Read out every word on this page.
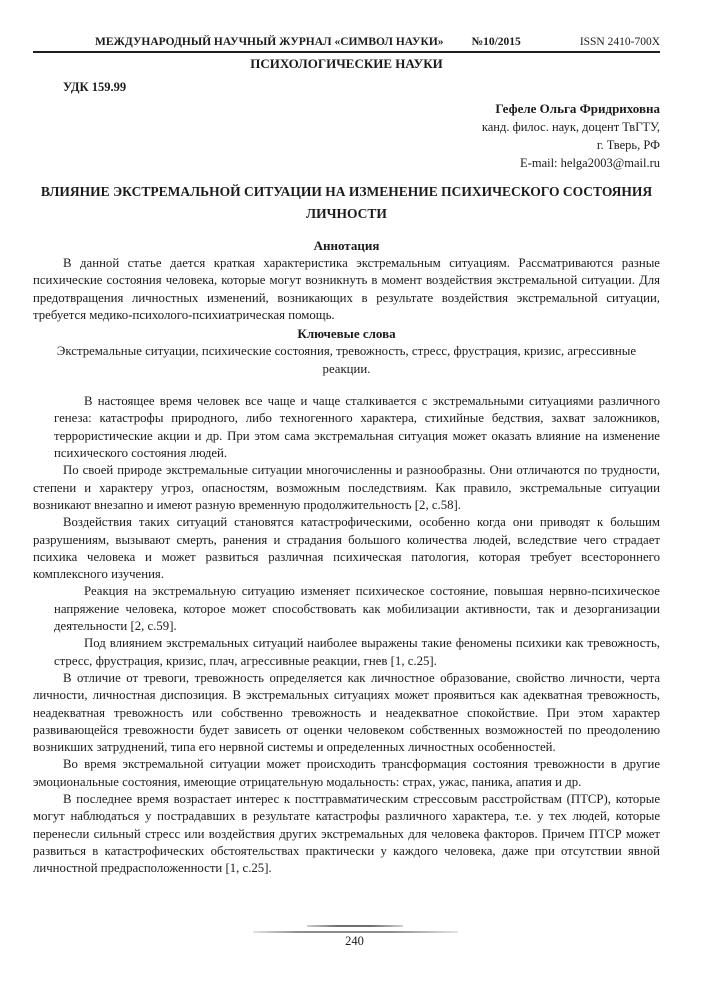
МЕЖДУНАРОДНЫЙ НАУЧНЫЙ ЖУРНАЛ «СИМВОЛ НАУКИ» №10/2015	ISSN 2410-700X
ПСИХОЛОГИЧЕСКИЕ НАУКИ
УДК 159.99
Гефеле Ольга Фридриховна
канд. филос. наук, доцент ТвГТУ,
г. Тверь, РФ
E-mail: helga2003@mail.ru
ВЛИЯНИЕ ЭКСТРЕМАЛЬНОЙ СИТУАЦИИ НА ИЗМЕНЕНИЕ ПСИХИЧЕСКОГО СОСТОЯНИЯ
ЛИЧНОСТИ
Аннотация

В данной статье дается краткая характеристика экстремальным ситуациям. Рассматриваются разные психические состояния человека, которые могут возникнуть в момент воздействия экстремальной ситуации. Для предотвращения личностных изменений, возникающих в результате воздействия экстремальной ситуации, требуется медико-психолого-психиатрическая помощь.

Ключевые слова

Экстремальные ситуации, психические состояния, тревожность, стресс, фрустрация, кризис, агрессивные реакции.

В настоящее время человек все чаще и чаще сталкивается с экстремальными ситуациями различного генеза: катастрофы природного, либо техногенного характера, стихийные бедствия, захват заложников, террористические акции и др. При этом сама экстремальная ситуация может оказать влияние на изменение психического состояния людей.

По своей природе экстремальные ситуации многочисленны и разнообразны. Они отличаются по трудности, степени и характеру угроз, опасностям, возможным последствиям. Как правило, экстремальные ситуации возникают внезапно и имеют разную временную продолжительность [2, с.58].

Воздействия таких ситуаций становятся катастрофическими, особенно когда они приводят к большим разрушениям, вызывают смерть, ранения и страдания большого количества людей, вследствие чего страдает психика человека и может развиться различная психическая патология, которая требует всестороннего комплексного изучения.

Реакция на экстремальную ситуацию изменяет психическое состояние, повышая нервно-психическое напряжение человека, которое может способствовать как мобилизации активности, так и дезорганизации деятельности [2, с.59].

Под влиянием экстремальных ситуаций наиболее выражены такие феномены психики как тревожность, стресс, фрустрация, кризис, плач, агрессивные реакции, гнев [1, с.25].

В отличие от тревоги, тревожность определяется как личностное образование, свойство личности, черта личности, личностная диспозиция. В экстремальных ситуациях может проявиться как адекватная тревожность, неадекватная тревожность или собственно тревожность и неадекватное спокойствие. При этом характер развивающейся тревожности будет зависеть от оценки человеком собственных возможностей по преодолению возникших затруднений, типа его нервной системы и определенных личностных особенностей.

Во время экстремальной ситуации может происходить трансформация состояния тревожности в другие эмоциональные состояния, имеющие отрицательную модальность: страх, ужас, паника, апатия и др.

В последнее время возрастает интерес к посттравматическим стрессовым расстройствам (ПТСР), которые могут наблюдаться у пострадавших в результате катастрофы различного характера, т.е. у тех людей, которые перенесли сильный стресс или воздействия других экстремальных для человека факторов. Причем ПТСР может развиться в катастрофических обстоятельствах практически у каждого человека, даже при отсутствии явной личностной предрасположенности [1, с.25].

240
